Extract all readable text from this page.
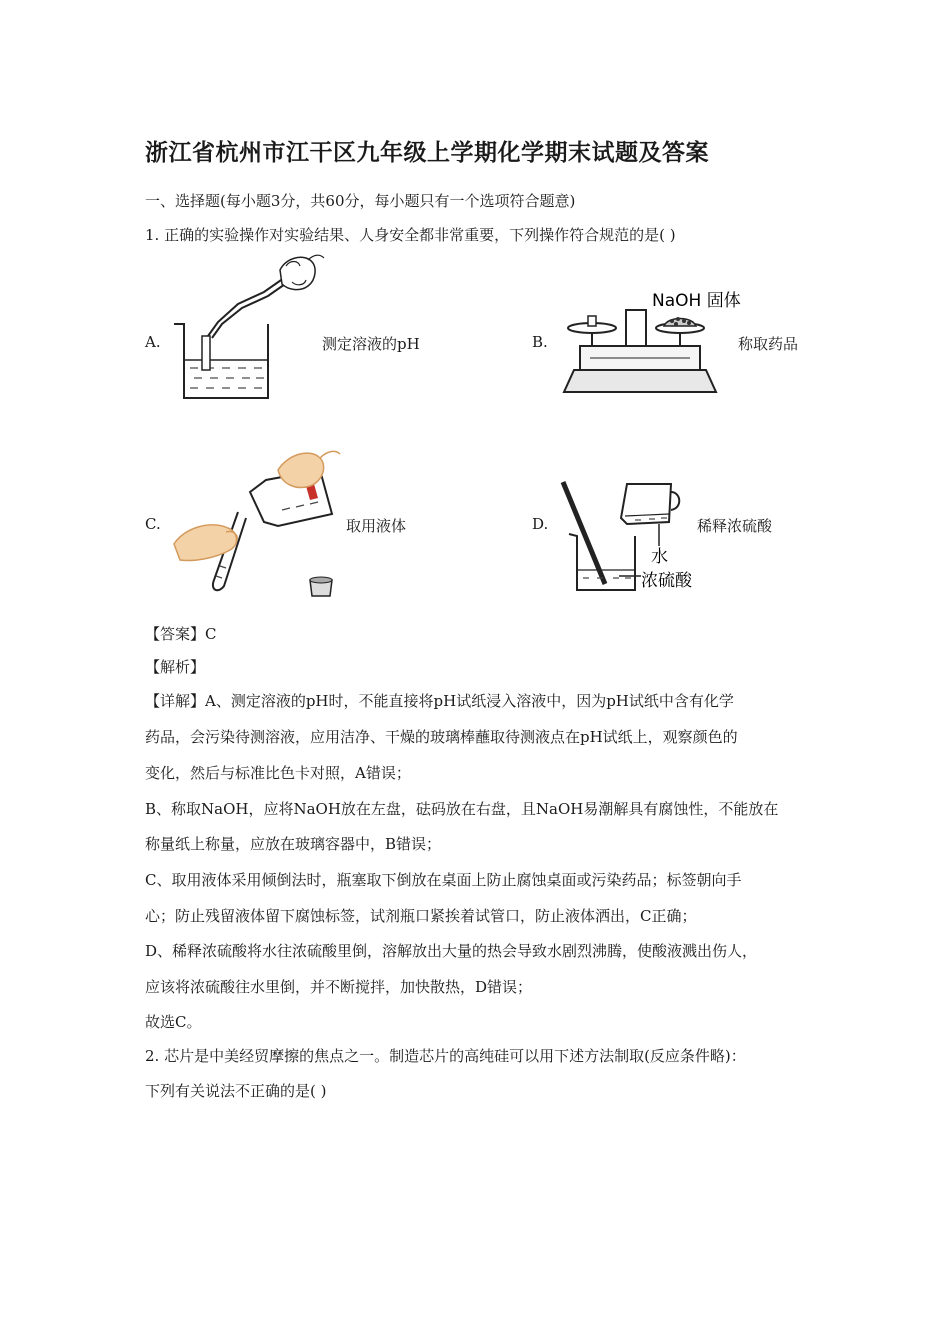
浙江省杭州市江干区九年级上学期化学期末试题及答案
一、选择题(每小题3分，共60分，每小题只有一个选项符合题意)
1. 正确的实验操作对实验结果、人身安全都非常重要，下列操作符合规范的是( )
A.	测定溶液的pH	B.
NaOH 固体
称取药品
C.	取用液体	D.
水
浓硫酸
稀释浓硫酸
【答案】C
【解析】
【详解】A、测定溶液的pH时，不能直接将pH试纸浸入溶液中，因为pH试纸中含有化学
药品，会污染待测溶液，应用洁净、干燥的玻璃棒蘸取待测液点在pH试纸上，观察颜色的
变化，然后与标准比色卡对照，A错误；
B、称取NaOH，应将NaOH放在左盘，砝码放在右盘，且NaOH易潮解具有腐蚀性，不能放在
称量纸上称量，应放在玻璃容器中，B错误；
C、取用液体采用倾倒法时，瓶塞取下倒放在桌面上防止腐蚀桌面或污染药品；标签朝向手
心；防止残留液体留下腐蚀标签，试剂瓶口紧挨着试管口，防止液体洒出，C正确；
D、稀释浓硫酸将水往浓硫酸里倒，溶解放出大量的热会导致水剧烈沸腾，使酸液溅出伤人，
应该将浓硫酸往水里倒，并不断搅拌，加快散热，D错误；
故选C。
2. 芯片是中美经贸摩擦的焦点之一。制造芯片的高纯硅可以用下述方法制取(反应条件略)：
下列有关说法不正确的是( )
